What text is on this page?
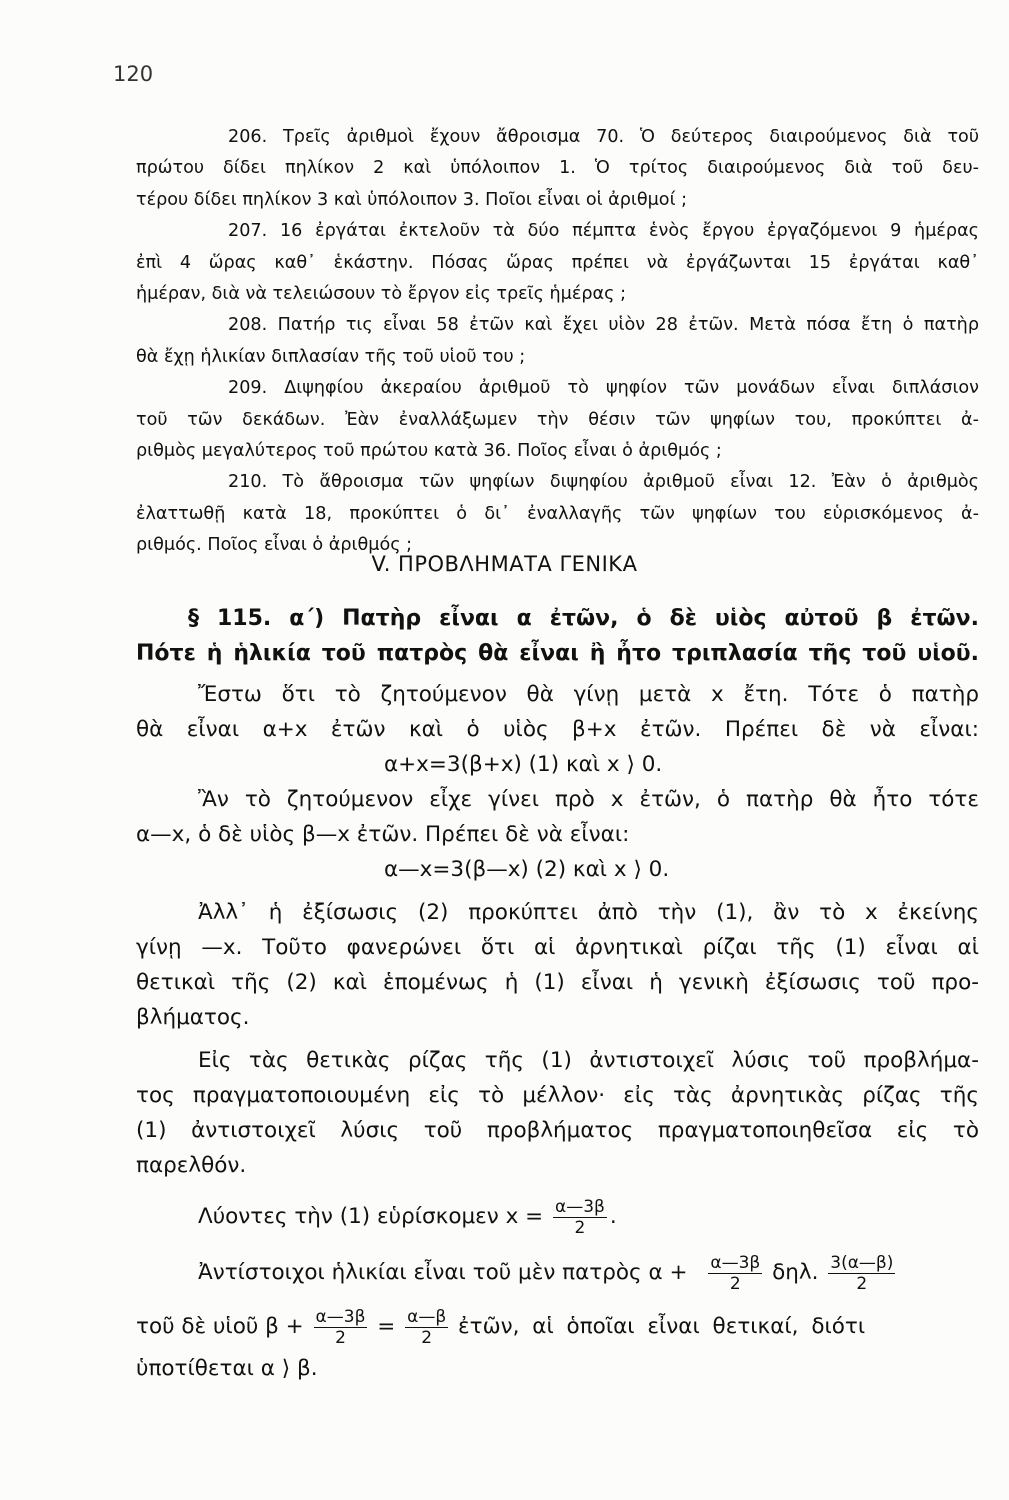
120

206. Τρεῖς ἀριθμοὶ ἔχουν ἄθροισμα 70. Ὁ δεύτερος διαιρούμενος διὰ τοῦ
πρώτου δίδει πηλίκον 2 καὶ ὑπόλοιπον 1. Ὁ τρίτος διαιρούμενος διὰ τοῦ δευ-
τέρου δίδει πηλίκον 3 καὶ ὑπόλοιπον 3. Ποῖοι εἶναι οἱ ἀριθμοί ;

207. 16 ἐργάται ἐκτελοῦν τὰ δύο πέμπτα ἑνὸς ἔργου ἐργαζόμενοι 9 ἡμέρας
ἐπὶ 4 ὥρας καθ᾽ ἑκάστην. Πόσας ὥρας πρέπει νὰ ἐργάζωνται 15 ἐργάται καθ᾽
ἡμέραν, διὰ νὰ τελειώσουν τὸ ἔργον εἰς τρεῖς ἡμέρας ;

208. Πατήρ τις εἶναι 58 ἐτῶν καὶ ἔχει υἱὸν 28 ἐτῶν. Μετὰ πόσα ἔτη ὁ πατὴρ
θὰ ἔχῃ ἡλικίαν διπλασίαν τῆς τοῦ υἱοῦ του ;

209. Διψηφίου ἀκεραίου ἀριθμοῦ τὸ ψηφίον τῶν μονάδων εἶναι διπλάσιον
τοῦ τῶν δεκάδων. Ἐὰν ἐναλλάξωμεν τὴν θέσιν τῶν ψηφίων του, προκύπτει ἀ-
ριθμὸς μεγαλύτερος τοῦ πρώτου κατὰ 36. Ποῖος εἶναι ὁ ἀριθμός ;

210. Τὸ ἄθροισμα τῶν ψηφίων διψηφίου ἀριθμοῦ εἶναι 12. Ἐὰν ὁ ἀριθμὸς
ἐλαττωθῇ κατὰ 18, προκύπτει ὁ δι᾽ ἐναλλαγῆς τῶν ψηφίων του εὑρισκόμενος ἀ-
ριθμός. Ποῖος εἶναι ὁ ἀριθμός ;

V. ΠΡΟΒΛΗΜΑΤΑ ΓΕΝΙΚΑ

§ 115. α΄) Πατὴρ εἶναι α ἐτῶν, ὁ δὲ υἱὸς αὐτοῦ β ἐτῶν.
Πότε ἡ ἡλικία τοῦ πατρὸς θὰ εἶναι ἢ ἦτο τριπλασία τῆς τοῦ υἱοῦ.

Ἔστω ὅτι τὸ ζητούμενον θὰ γίνῃ μετὰ x ἔτη. Τότε ὁ πατὴρ
θὰ εἶναι α+x ἐτῶν καὶ ὁ υἱὸς β+x ἐτῶν. Πρέπει δὲ νὰ εἶναι:

α+x=3(β+x) (1) καὶ x ⟩ 0.

Ἂν τὸ ζητούμενον εἶχε γίνει πρὸ x ἐτῶν, ὁ πατὴρ θὰ ἦτο τότε
α—x, ὁ δὲ υἱὸς β—x ἐτῶν. Πρέπει δὲ νὰ εἶναι:

α—x=3(β—x) (2) καὶ x ⟩ 0.

Ἀλλ᾽ ἡ ἐξίσωσις (2) προκύπτει ἀπὸ τὴν (1), ἂν τὸ x ἐκείνης
γίνῃ —x. Τοῦτο φανερώνει ὅτι αἱ ἀρνητικαὶ ρίζαι τῆς (1) εἶναι αἱ
θετικαὶ τῆς (2) καὶ ἑπομένως ἡ (1) εἶναι ἡ γενικὴ ἐξίσωσις τοῦ προ-
βλήματος.

Εἰς τὰς θετικὰς ρίζας τῆς (1) ἀντιστοιχεῖ λύσις τοῦ προβλήμα-
τος πραγματοποιουμένη εἰς τὸ μέλλον· εἰς τὰς ἀρνητικὰς ρίζας τῆς
(1) ἀντιστοιχεῖ λύσις τοῦ προβλήματος πραγματοποιηθεῖσα εἰς τὸ
παρελθόν.

Λύοντες τὴν (1) εὑρίσκομεν $x = \frac{\alpha—3\beta}{2}$ .
Ἀντίστοιχοι ἡλικίαι εἶναι τοῦ μὲν πατρὸς $\alpha + \frac{\alpha—3\beta}{2} \delta\eta\lambda$. $\frac{3(\alpha—\beta)}{2}$
τοῦ δὲ υἱοῦ $\beta + \frac{\alpha—3\beta}{2} = \frac{\alpha—\beta}{2}$ ἐτῶν, αἱ ὁποῖαι εἶναι θετικαί, διότι

ὑποτίθεται α ⟩ β.
